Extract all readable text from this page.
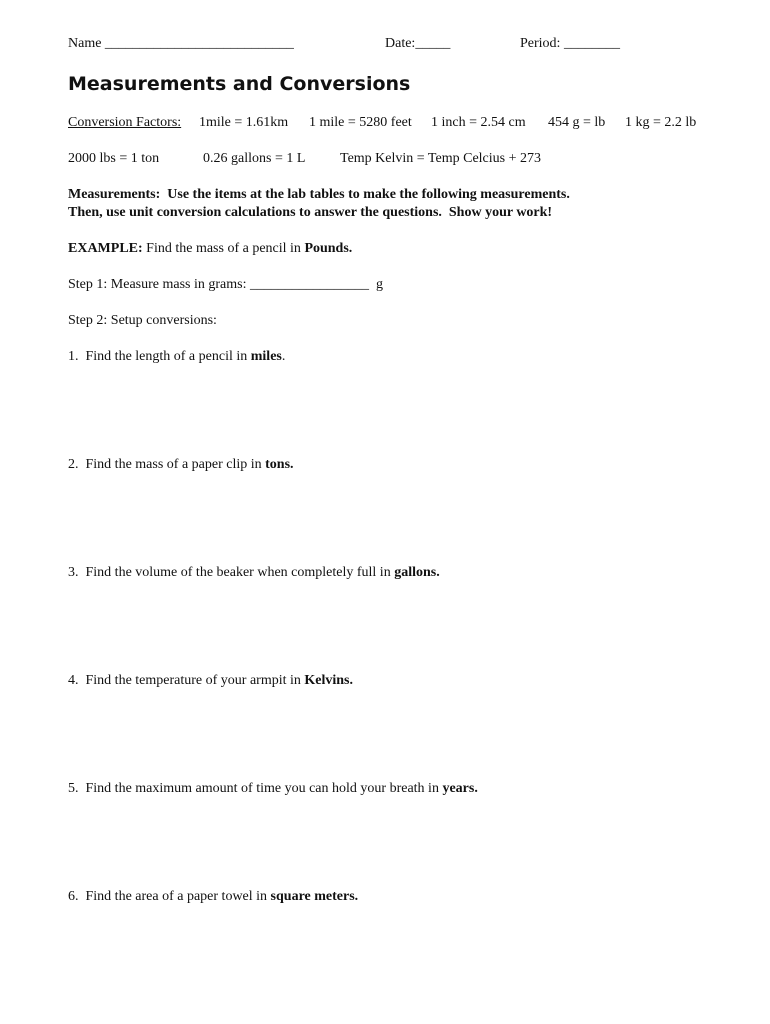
Name ___________________________	Date:_____	Period: ________
Measurements and Conversions
Conversion Factors: 1mile = 1.61km 1 mile = 5280 feet 1 inch = 2.54 cm 454 g = lb 1 kg = 2.2 lb
2000 lbs = 1 ton	0.26 gallons = 1 L Temp Kelvin = Temp Celcius + 273
Measurements:  Use the items at the lab tables to make the following measurements.
Then, use unit conversion calculations to answer the questions.  Show your work!
EXAMPLE: Find the mass of a pencil in Pounds.
Step 1: Measure mass in grams: _________________  g
Step 2: Setup conversions:
1. Find the length of a pencil in miles.
2. Find the mass of a paper clip in tons.
3. Find the volume of the beaker when completely full in gallons.
4. Find the temperature of your armpit in Kelvins.
5. Find the maximum amount of time you can hold your breath in years.
6. Find the area of a paper towel in square meters.
